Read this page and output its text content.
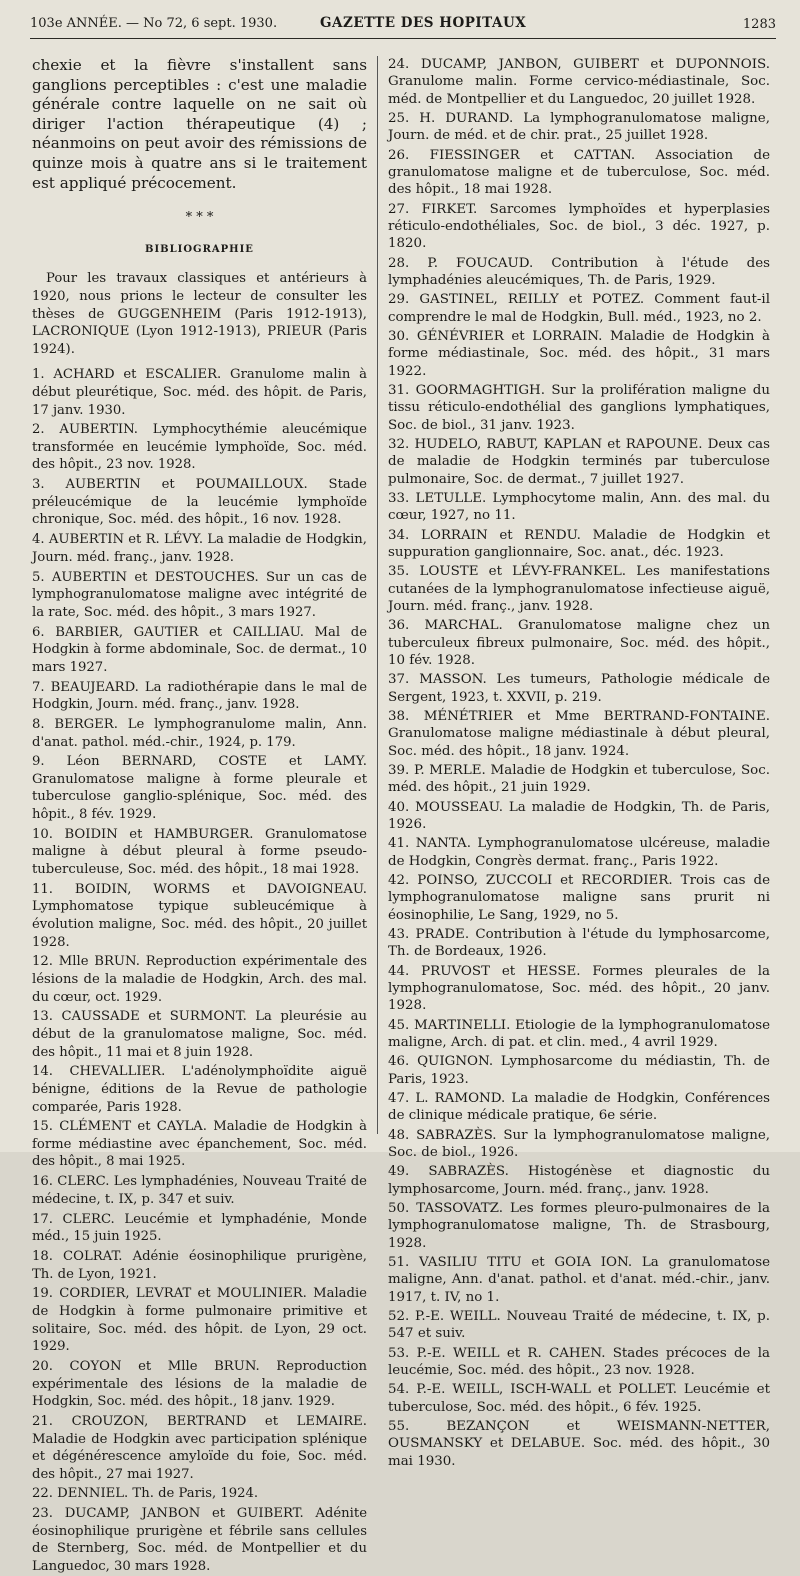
103e ANNÉE. — No 72, 6 sept. 1930.	GAZETTE DES HOPITAUX	1283

chexie et la fièvre s'installent sans ganglions perceptibles : c'est une maladie générale contre laquelle on ne sait où diriger l'action thérapeutique (4) ; néanmoins on peut avoir des rémissions de quinze mois à quatre ans si le traitement est appliqué précocement.

* * *
BIBLIOGRAPHIE

Pour les travaux classiques et antérieurs à 1920, nous prions le lecteur de consulter les thèses de GUGGENHEIM (Paris 1912-1913), LACRONIQUE (Lyon 1912-1913), PRIEUR (Paris 1924).

1. ACHARD et ESCALIER. Granulome malin à début pleurétique, Soc. méd. des hôpit. de Paris, 17 janv. 1930.

2. AUBERTIN. Lymphocythémie aleucémique transformée en leucémie lymphoïde, Soc. méd. des hôpit., 23 nov. 1928.

3. AUBERTIN et POUMAILLOUX. Stade préleucémique de la leucémie lymphoïde chronique, Soc. méd. des hôpit., 16 nov. 1928.

4. AUBERTIN et R. LÉVY. La maladie de Hodgkin, Journ. méd. franç., janv. 1928.

5. AUBERTIN et DESTOUCHES. Sur un cas de lymphogranulomatose maligne avec intégrité de la rate, Soc. méd. des hôpit., 3 mars 1927.

6. BARBIER, GAUTIER et CAILLIAU. Mal de Hodgkin à forme abdominale, Soc. de dermat., 10 mars 1927.

7. BEAUJEARD. La radiothérapie dans le mal de Hodgkin, Journ. méd. franç., janv. 1928.

8. BERGER. Le lymphogranulome malin, Ann. d'anat. pathol. méd.-chir., 1924, p. 179.

9. Léon BERNARD, COSTE et LAMY. Granulomatose maligne à forme pleurale et tuberculose ganglio-splénique, Soc. méd. des hôpit., 8 fév. 1929.

10. BOIDIN et HAMBURGER. Granulomatose maligne à début pleural à forme pseudo-tuberculeuse, Soc. méd. des hôpit., 18 mai 1928.

11. BOIDIN, WORMS et DAVOIGNEAU. Lymphomatose typique subleucémique à évolution maligne, Soc. méd. des hôpit., 20 juillet 1928.

12. Mlle BRUN. Reproduction expérimentale des lésions de la maladie de Hodgkin, Arch. des mal. du cœur, oct. 1929.

13. CAUSSADE et SURMONT. La pleurésie au début de la granulomatose maligne, Soc. méd. des hôpit., 11 mai et 8 juin 1928.

14. CHEVALLIER. L'adénolymphoïdite aiguë bénigne, éditions de la Revue de pathologie comparée, Paris 1928.

15. CLÉMENT et CAYLA. Maladie de Hodgkin à forme médiastine avec épanchement, Soc. méd. des hôpit., 8 mai 1925.

16. CLERC. Les lymphadénies, Nouveau Traité de médecine, t. IX, p. 347 et suiv.

17. CLERC. Leucémie et lymphadénie, Monde méd., 15 juin 1925.

18. COLRAT. Adénie éosinophilique prurigène, Th. de Lyon, 1921.

19. CORDIER, LEVRAT et MOULINIER. Maladie de Hodgkin à forme pulmonaire primitive et solitaire, Soc. méd. des hôpit. de Lyon, 29 oct. 1929.

20. COYON et Mlle BRUN. Reproduction expérimentale des lésions de la maladie de Hodgkin, Soc. méd. des hôpit., 18 janv. 1929.

21. CROUZON, BERTRAND et LEMAIRE. Maladie de Hodgkin avec participation splénique et dégénérescence amyloïde du foie, Soc. méd. des hôpit., 27 mai 1927.

22. DENNIEL. Th. de Paris, 1924.

23. DUCAMP, JANBON et GUIBERT. Adénite éosinophilique prurigène et fébrile sans cellules de Sternberg, Soc. méd. de Montpellier et du Languedoc, 30 mars 1928.

24. DUCAMP, JANBON, GUIBERT et DUPONNOIS. Granulome malin. Forme cervico-médiastinale, Soc. méd. de Montpellier et du Languedoc, 20 juillet 1928.

25. H. DURAND. La lymphogranulomatose maligne, Journ. de méd. et de chir. prat., 25 juillet 1928.

26. FIESSINGER et CATTAN. Association de granulomatose maligne et de tuberculose, Soc. méd. des hôpit., 18 mai 1928.

27. FIRKET. Sarcomes lymphoïdes et hyperplasies réticulo-endothéliales, Soc. de biol., 3 déc. 1927, p. 1820.

28. P. FOUCAUD. Contribution à l'étude des lymphadénies aleucémiques, Th. de Paris, 1929.

29. GASTINEL, REILLY et POTEZ. Comment faut-il comprendre le mal de Hodgkin, Bull. méd., 1923, no 2.

30. GÉNÉVRIER et LORRAIN. Maladie de Hodgkin à forme médiastinale, Soc. méd. des hôpit., 31 mars 1922.

31. GOORMAGHTIGH. Sur la prolifération maligne du tissu réticulo-endothélial des ganglions lymphatiques, Soc. de biol., 31 janv. 1923.

32. HUDELO, RABUT, KAPLAN et RAPOUNE. Deux cas de maladie de Hodgkin terminés par tuberculose pulmonaire, Soc. de dermat., 7 juillet 1927.

33. LETULLE. Lymphocytome malin, Ann. des mal. du cœur, 1927, no 11.

34. LORRAIN et RENDU. Maladie de Hodgkin et suppuration ganglionnaire, Soc. anat., déc. 1923.

35. LOUSTE et LÉVY-FRANKEL. Les manifestations cutanées de la lymphogranulomatose infectieuse aiguë, Journ. méd. franç., janv. 1928.

36. MARCHAL. Granulomatose maligne chez un tuberculeux fibreux pulmonaire, Soc. méd. des hôpit., 10 fév. 1928.

37. MASSON. Les tumeurs, Pathologie médicale de Sergent, 1923, t. XXVII, p. 219.

38. MÉNÉTRIER et Mme BERTRAND-FONTAINE. Granulomatose maligne médiastinale à début pleural, Soc. méd. des hôpit., 18 janv. 1924.

39. P. MERLE. Maladie de Hodgkin et tuberculose, Soc. méd. des hôpit., 21 juin 1929.

40. MOUSSEAU. La maladie de Hodgkin, Th. de Paris, 1926.

41. NANTA. Lymphogranulomatose ulcéreuse, maladie de Hodgkin, Congrès dermat. franç., Paris 1922.

42. POINSO, ZUCCOLI et RECORDIER. Trois cas de lymphogranulomatose maligne sans prurit ni éosinophilie, Le Sang, 1929, no 5.

43. PRADE. Contribution à l'étude du lymphosarcome, Th. de Bordeaux, 1926.

44. PRUVOST et HESSE. Formes pleurales de la lymphogranulomatose, Soc. méd. des hôpit., 20 janv. 1928.

45. MARTINELLI. Etiologie de la lymphogranulomatose maligne, Arch. di pat. et clin. med., 4 avril 1929.

46. QUIGNON. Lymphosarcome du médiastin, Th. de Paris, 1923.

47. L. RAMOND. La maladie de Hodgkin, Conférences de clinique médicale pratique, 6e série.

48. SABRAZÈS. Sur la lymphogranulomatose maligne, Soc. de biol., 1926.

49. SABRAZÈS. Histogénèse et diagnostic du lymphosarcome, Journ. méd. franç., janv. 1928.

50. TASSOVATZ. Les formes pleuro-pulmonaires de la lymphogranulomatose maligne, Th. de Strasbourg, 1928.

51. VASILIU TITU et GOIA ION. La granulomatose maligne, Ann. d'anat. pathol. et d'anat. méd.-chir., janv. 1917, t. IV, no 1.

52. P.-E. WEILL. Nouveau Traité de médecine, t. IX, p. 547 et suiv.

53. P.-E. WEILL et R. CAHEN. Stades précoces de la leucémie, Soc. méd. des hôpit., 23 nov. 1928.

54. P.-E. WEILL, ISCH-WALL et POLLET. Leucémie et tuberculose, Soc. méd. des hôpit., 6 fév. 1925.

55. BEZANÇON et WEISMANN-NETTER, OUSMANSKY et DELABUE. Soc. méd. des hôpit., 30 mai 1930.
